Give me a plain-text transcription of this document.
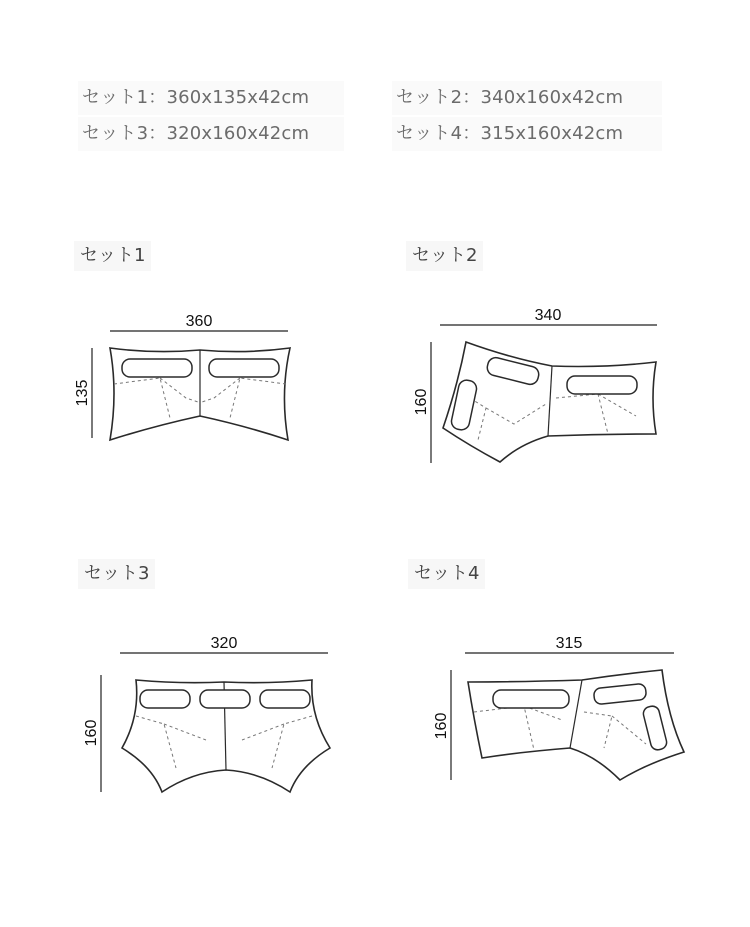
セット1：360x135x42cm	セット2：340x160x42cm
セット3：320x160x42cm	セット4：315x160x42cm
セット1	セット2
セット3	セット4
360
135
340
160
320
160
315
160
